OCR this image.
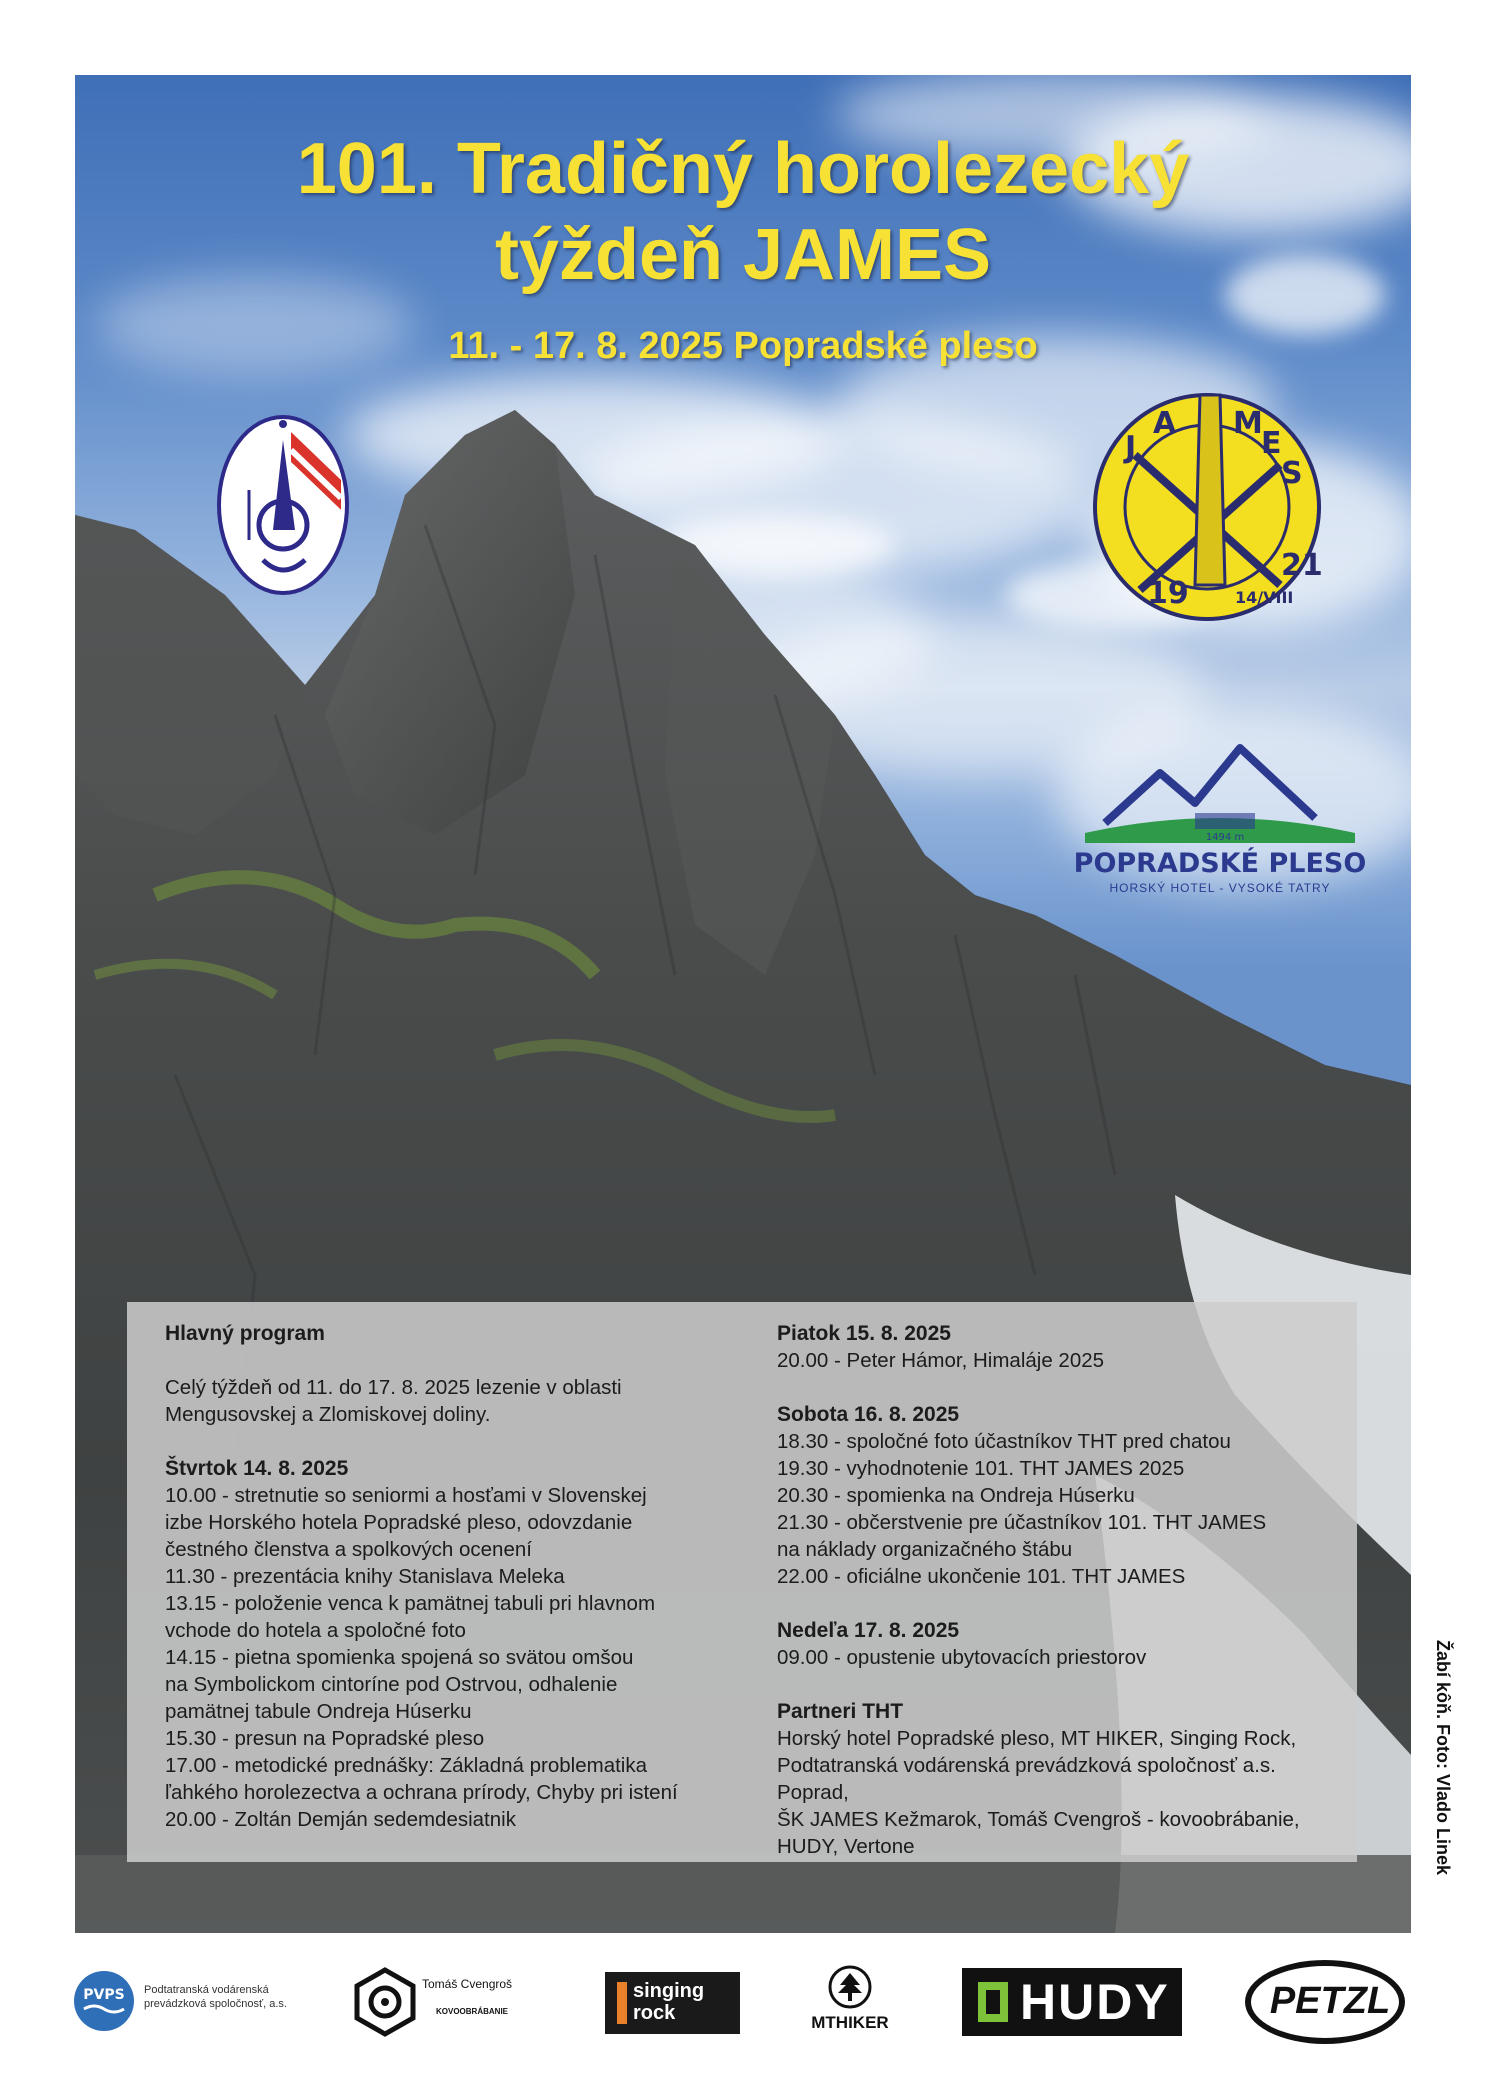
101. Tradičný horolezecký
týždeň JAMES
11. - 17. 8. 2025 Popradské pleso
J
A M
E
S
19
21
14/VIII
1494 m
POPRADSKÉ PLESO
HORSKÝ HOTEL - VYSOKÉ TATRY

Hlavný program

Celý týždeň od 11. do 17. 8. 2025 lezenie v oblasti

Mengusovskej a Zlomiskovej doliny.

Štvrtok 14. 8. 2025

10.00 - stretnutie so seniormi a hosťami v Slovenskej

izbe Horského hotela Popradské pleso, odovzdanie

čestného členstva a spolkových ocenení

11.30 - prezentácia knihy Stanislava Meleka

13.15 - položenie venca k pamätnej tabuli pri hlavnom

vchode do hotela a spoločné foto

14.15 - pietna spomienka spojená so svätou omšou

na Symbolickom cintoríne pod Ostrvou, odhalenie

pamätnej tabule Ondreja Húserku

15.30 - presun na Popradské pleso

17.00 - metodické prednášky: Základná problematika

ľahkého horolezectva a ochrana prírody, Chyby pri istení

20.00 - Zoltán Demján sedemdesiatnik

Piatok 15. 8. 2025

20.00 - Peter Hámor, Himaláje 2025

Sobota 16. 8. 2025

18.30 - spoločné foto účastníkov THT pred chatou

19.30 - vyhodnotenie 101. THT JAMES 2025

20.30 - spomienka na Ondreja Húserku

21.30 - občerstvenie pre účastníkov 101. THT JAMES

na náklady organizačného štábu

22.00 - oficiálne ukončenie 101. THT JAMES

Nedeľa 17. 8. 2025

09.00 - opustenie ubytovacích priestorov

Partneri THT

Horský hotel Popradské pleso, MT HIKER, Singing Rock,

Podtatranská vodárenská prevádzková spoločnosť a.s. Poprad,

ŠK JAMES Kežmarok, Tomáš Cvengroš - kovoobrábanie,

HUDY, Vertone	Žabí kôň. Foto: Vlado Linek
PVPS Podtatranská vodárenská
prevádzková spoločnosť, a.s.
Tomáš Cvengroš
KOVOOBRÁBANIE
singing
rock	MTHIKER	HUDY	PETZL
